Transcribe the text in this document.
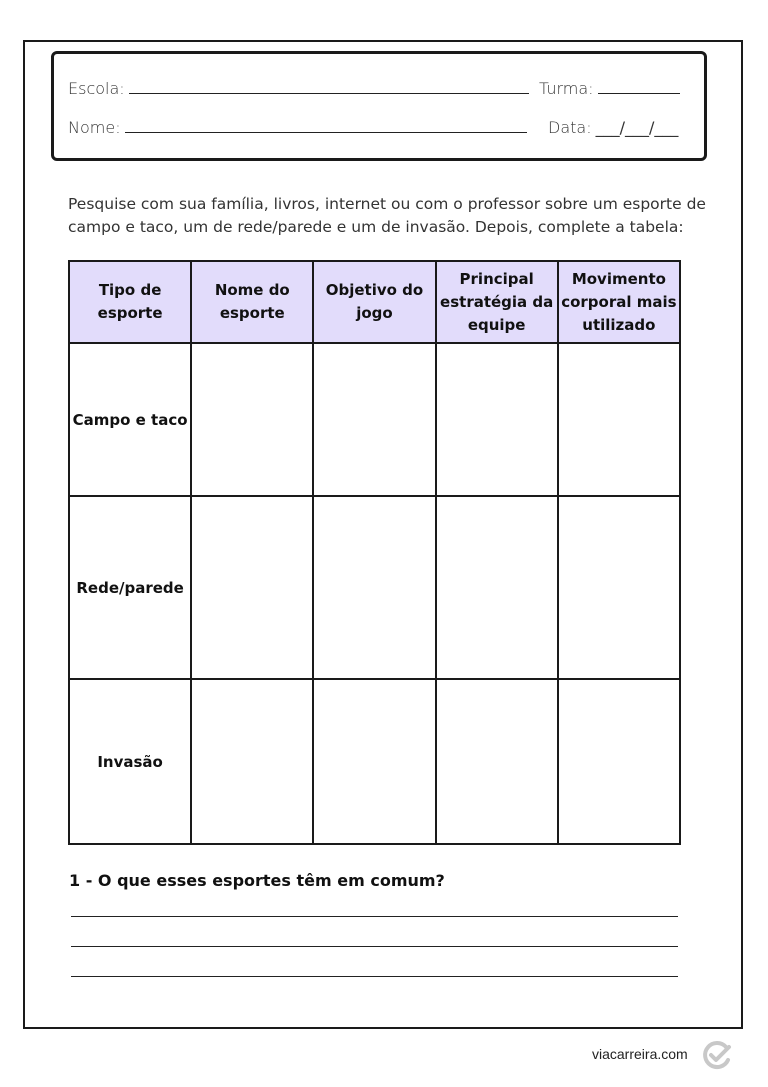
Escola:	Turma:
Nome:	Data: ___/___/___
Pesquise com sua família, livros, internet ou com o professor sobre um esporte de campo e taco, um de rede/parede e um de invasão. Depois, complete a tabela:
Tipo de esporte	Nome do esporte	Objetivo do jogo	Principal estratégia da equipe	Movimento corporal mais utilizado
Campo e taco				
Rede/parede				
Invasão				
1 - O que esses esportes têm em comum?
viacarreira.com
